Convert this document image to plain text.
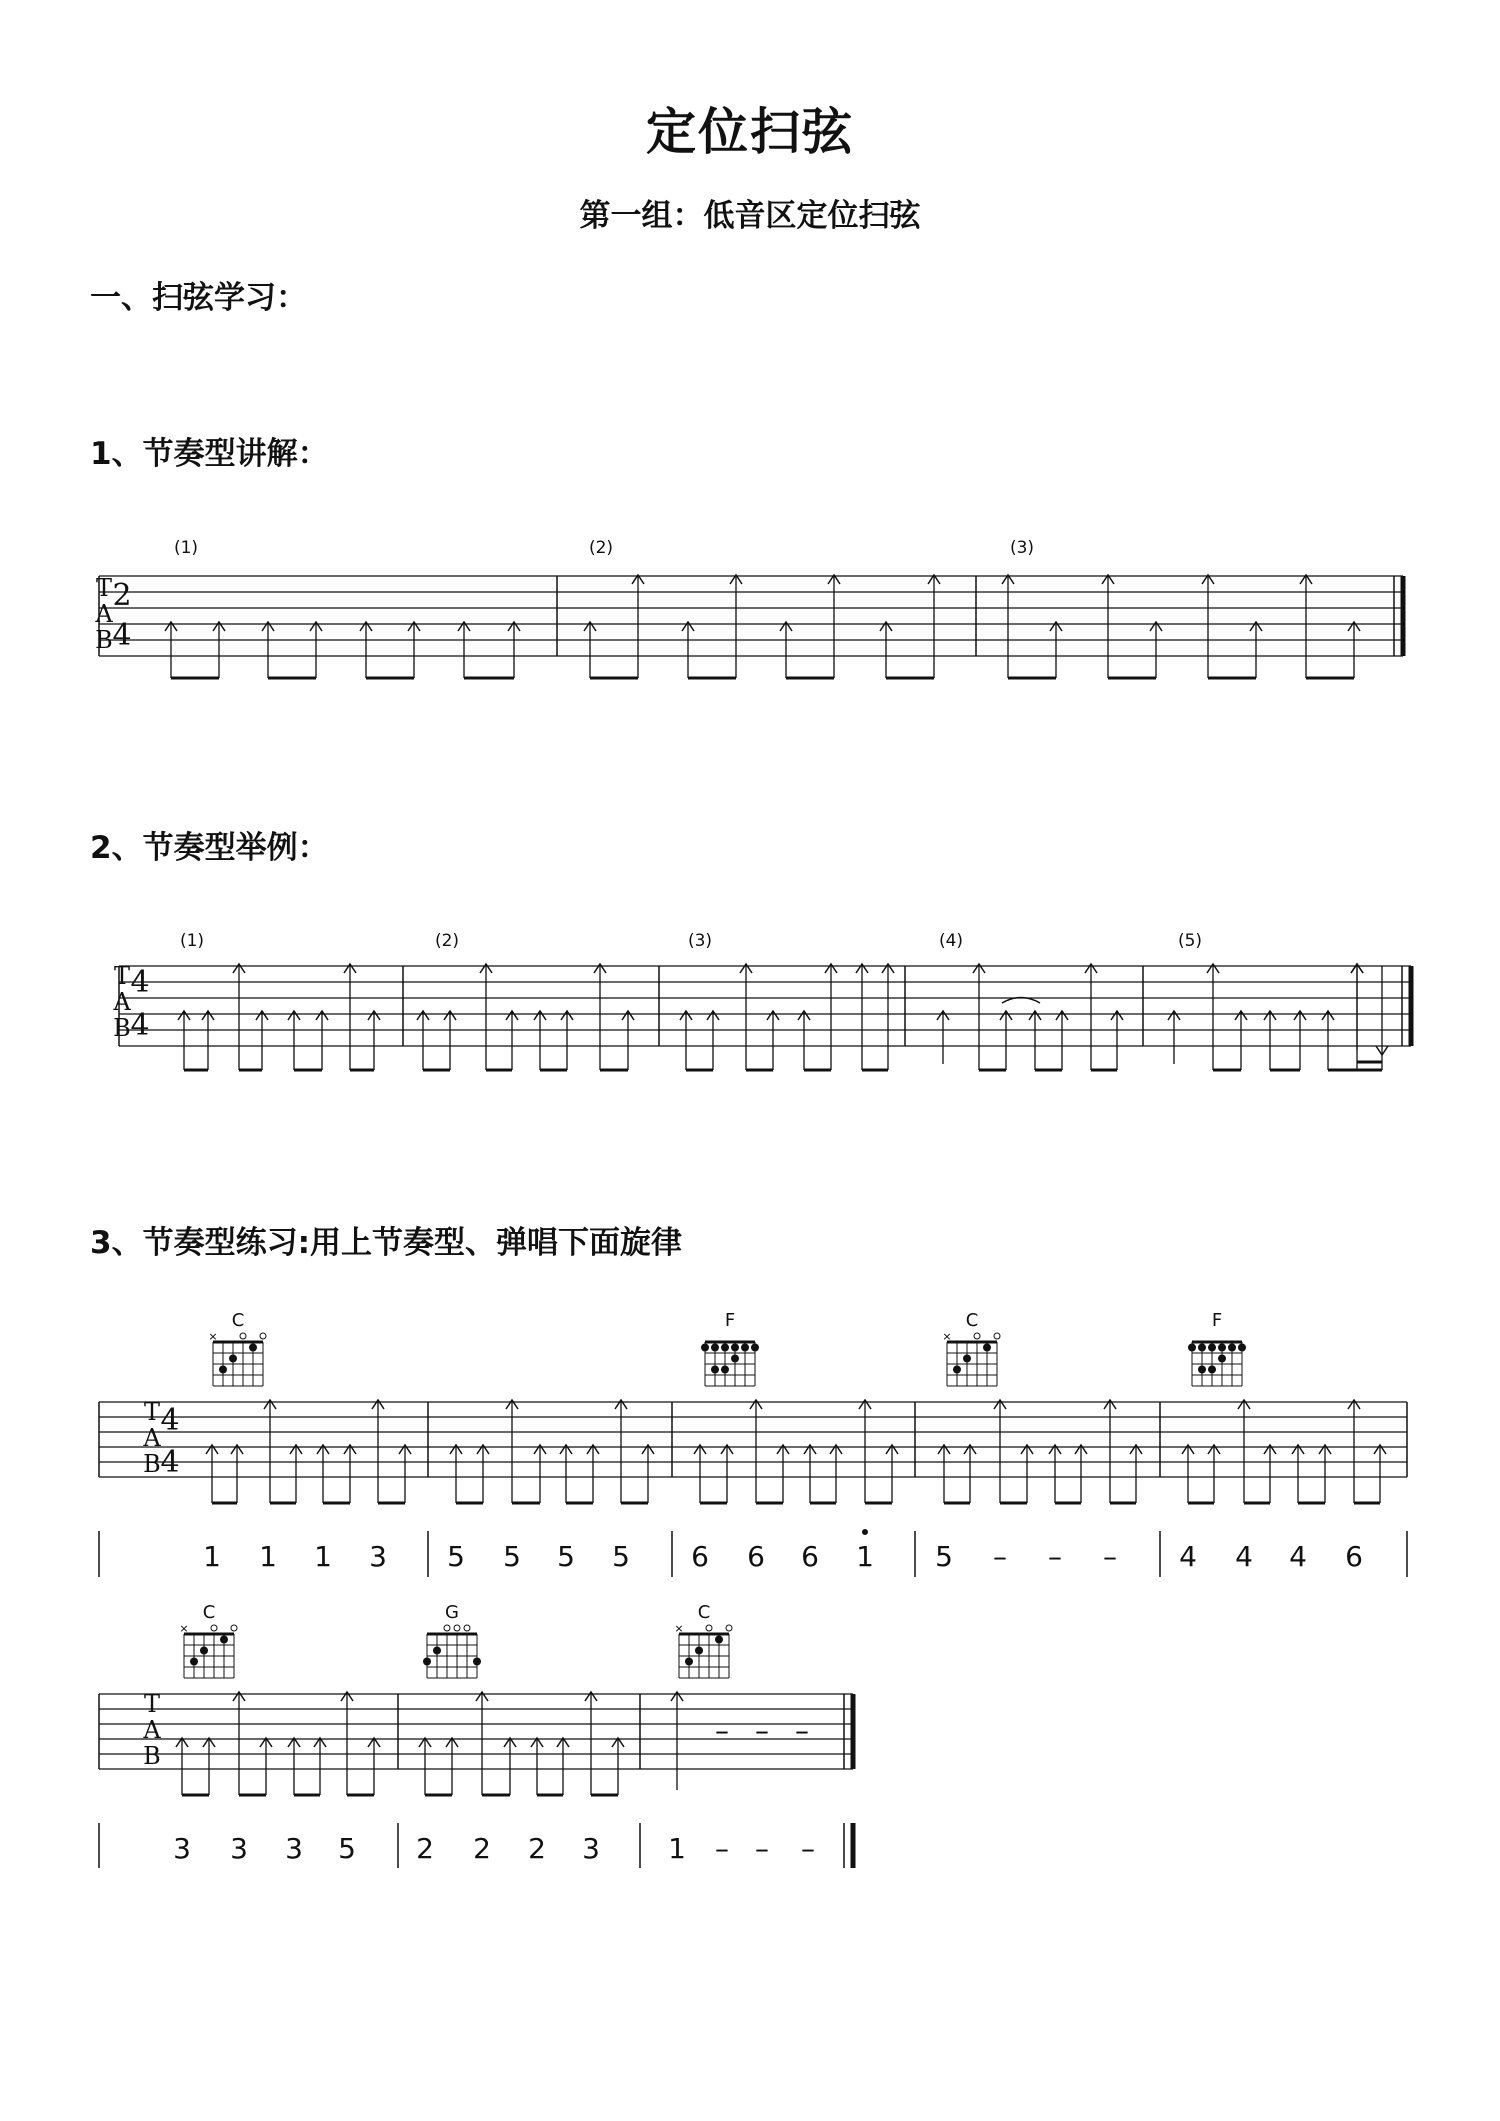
定位扫弦
第一组：低音区定位扫弦
一、扫弦学习：
1、节奏型讲解：
2、节奏型举例：
3、节奏型练习:用上节奏型、弹唱下面旋律
T
A
B
2
4
(1)	(2)	(3)
T
A
B
4
4
(1)	(2)	(3)	(4)	(5)
T
A
B
4
4
C
×
F	C
×
F
1 1 1 3 5 5 5 5 6 6 6 1 5 – – – 4 4 4 6
T
A
B
C
×
G	C
×
– – –
3 3 3 5 2 2 2 3 1 – – –
